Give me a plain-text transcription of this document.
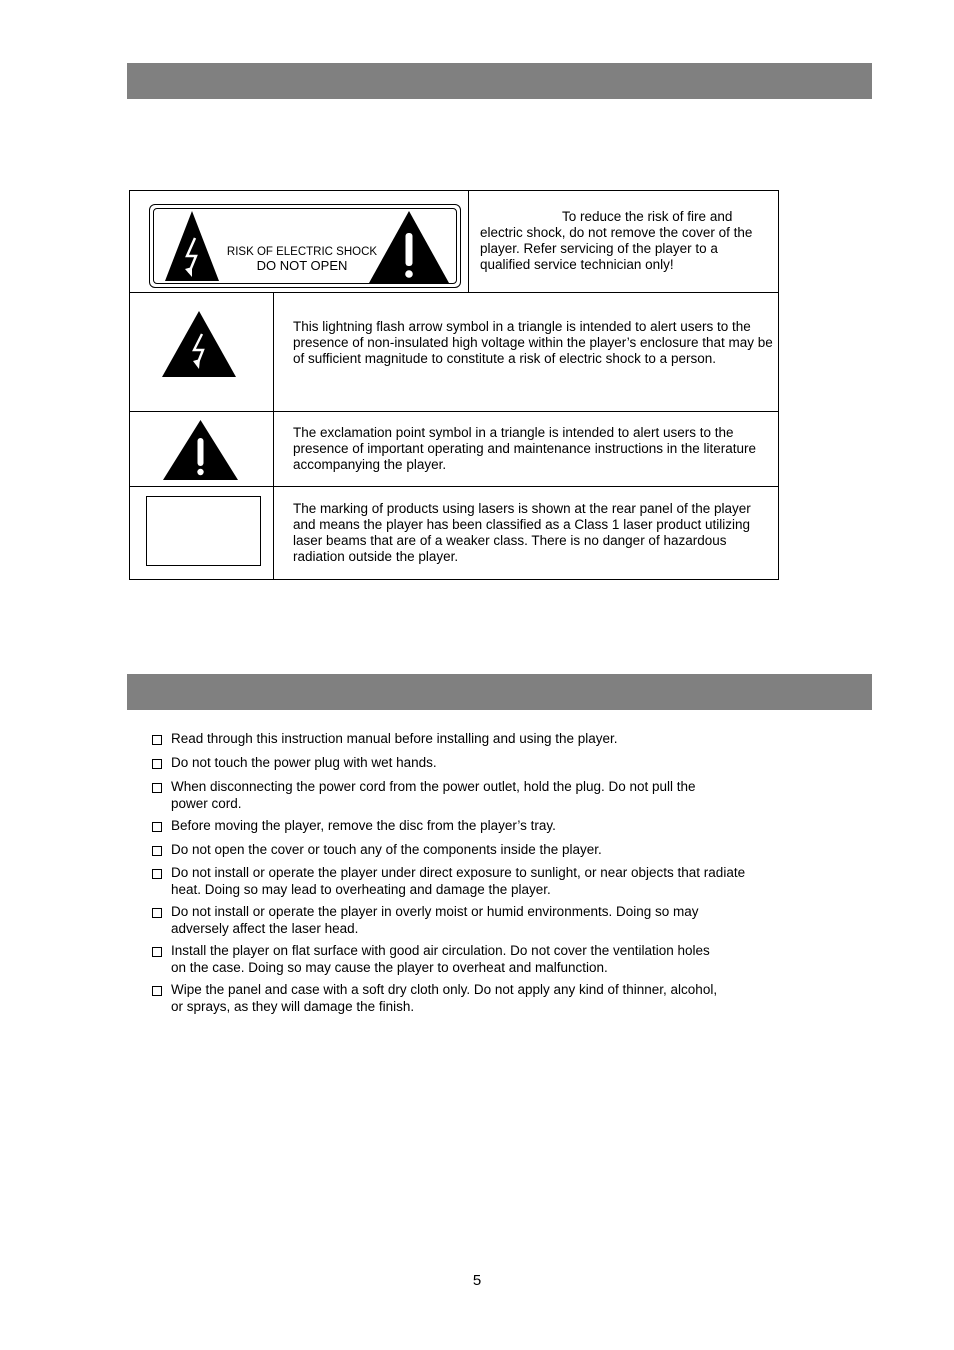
RISK OF ELECTRIC SHOCK
DO NOT OPEN
To reduce the risk of fire and electric shock, do not remove the cover of the player. Refer servicing of the player to a qualified service technician only!
This lightning flash arrow symbol in a triangle is intended to alert users to the presence of non-insulated high voltage within the player’s enclosure that may be of sufficient magnitude to constitute a risk of electric shock to a person.
The exclamation point symbol in a triangle is intended to alert users to the presence of important operating and maintenance instructions in the literature accompanying the player.
The marking of products using lasers is shown at the rear panel of the player and means the player has been classified as a Class 1 laser product utilizing laser beams that are of a weaker class. There is no danger of hazardous radiation outside the player.
Read through this instruction manual before installing and using the player.
Do not touch the power plug with wet hands.
When disconnecting the power cord from the power outlet, hold the plug. Do not pull the
power cord.
Before moving the player, remove the disc from the player’s tray.
Do not open the cover or touch any of the components inside the player.
Do not install or operate the player under direct exposure to sunlight, or near objects that radiate
heat. Doing so may lead to overheating and damage the player.
Do not install or operate the player in overly moist or humid environments. Doing so may
adversely affect the laser head.
Install the player on flat surface with good air circulation. Do not cover the ventilation holes
on the case. Doing so may cause the player to overheat and malfunction.
Wipe the panel and case with a soft dry cloth only. Do not apply any kind of thinner, alcohol,
or sprays, as they will damage the finish.
5
